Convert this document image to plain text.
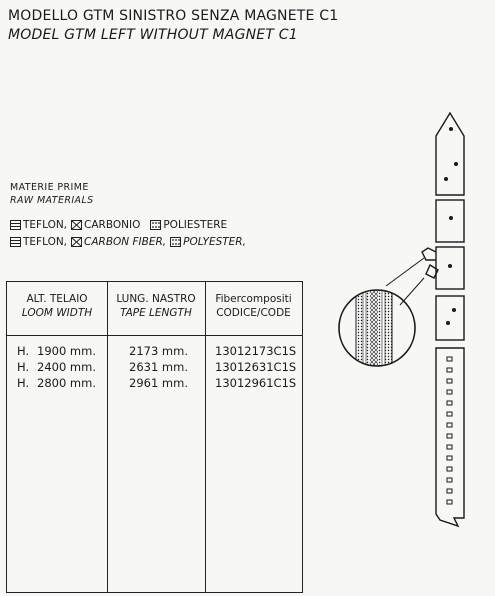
MODELLO GTM SINISTRO SENZA MAGNETE C1
MODEL GTM LEFT WITHOUT MAGNET C1
MATERIE PRIME
RAW MATERIALS
TEFLON, CARBONIO POLIESTERE
TEFLON, CARBON FIBER, POLYESTER,
ALT. TELAIO
LOOM WIDTH
LUNG. NASTRO
TAPE LENGTH
Fibercompositi
CODICE/CODE
H. 1900 mm.	2173 mm. 13012173C1S
H. 2400 mm.	2631 mm. 13012631C1S
H. 2800 mm.	2961 mm. 13012961C1S
